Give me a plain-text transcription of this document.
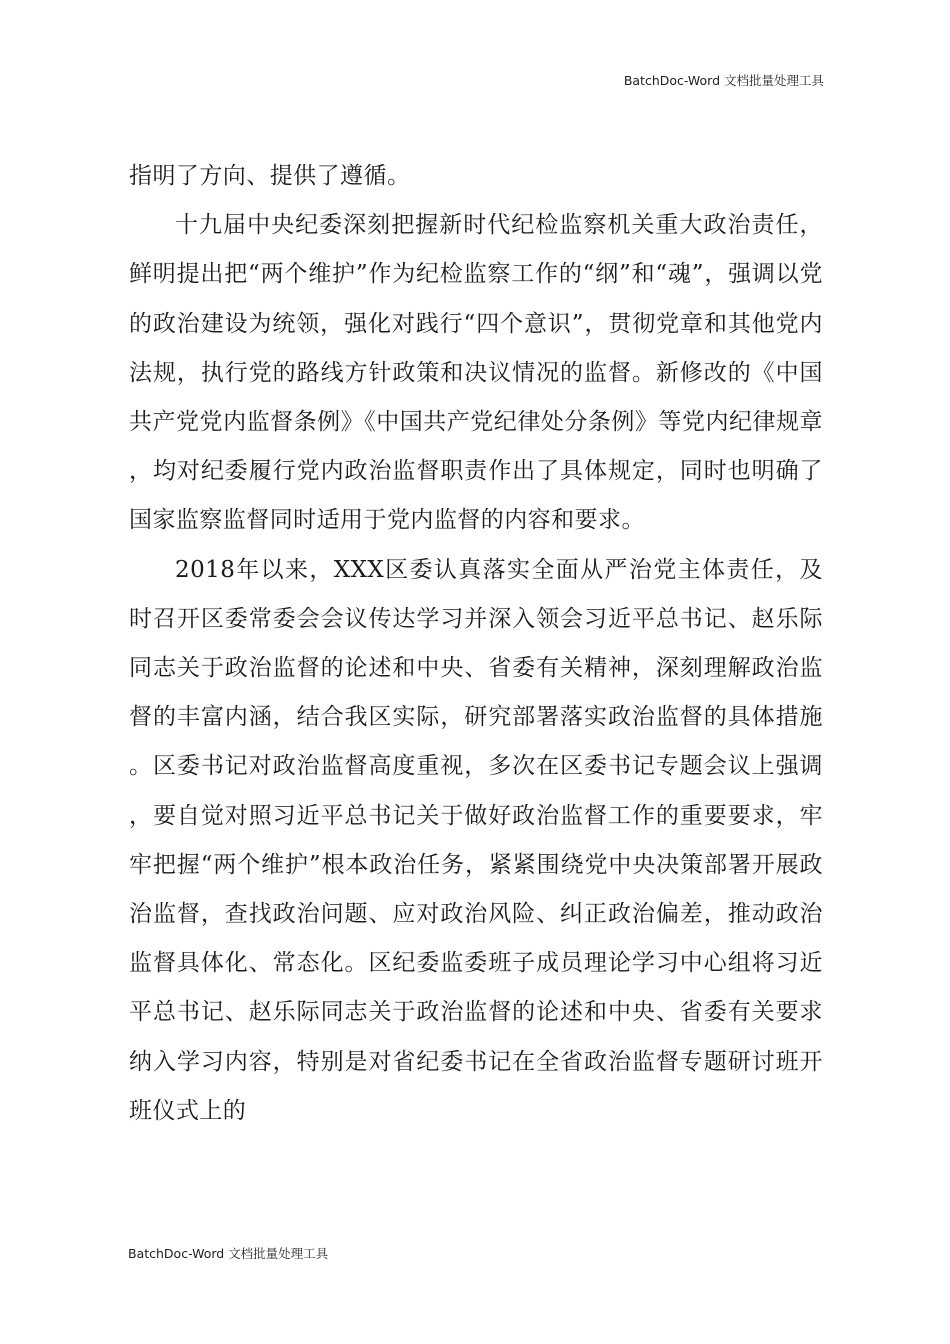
BatchDoc-Word 文档批量处理工具

指明了方向、提供了遵循。

十九届中央纪委深刻把握新时代纪检监察机关重大政治责任，鲜明提出把“两个维护”作为纪检监察工作的“纲”和“魂”，强调以党的政治建设为统领，强化对践行“四个意识”，贯彻党章和其他党内法规，执行党的路线方针政策和决议情况的监督。新修改的《中国共产党党内监督条例》《中国共产党纪律处分条例》等党内纪律规章，均对纪委履行党内政治监督职责作出了具体规定，同时也明确了国家监察监督同时适用于党内监督的内容和要求。

2018年以来，XXX区委认真落实全面从严治党主体责任，及时召开区委常委会会议传达学习并深入领会习近平总书记、赵乐际同志关于政治监督的论述和中央、省委有关精神，深刻理解政治监督的丰富内涵，结合我区实际，研究部署落实政治监督的具体措施。区委书记对政治监督高度重视，多次在区委书记专题会议上强调，要自觉对照习近平总书记关于做好政治监督工作的重要要求，牢牢把握“两个维护”根本政治任务，紧紧围绕党中央决策部署开展政治监督，查找政治问题、应对政治风险、纠正政治偏差，推动政治监督具体化、常态化。区纪委监委班子成员理论学习中心组将习近平总书记、赵乐际同志关于政治监督的论述和中央、省委有关要求纳入学习内容，特别是对省纪委书记在全省政治监督专题研讨班开班仪式上的

BatchDoc-Word 文档批量处理工具
